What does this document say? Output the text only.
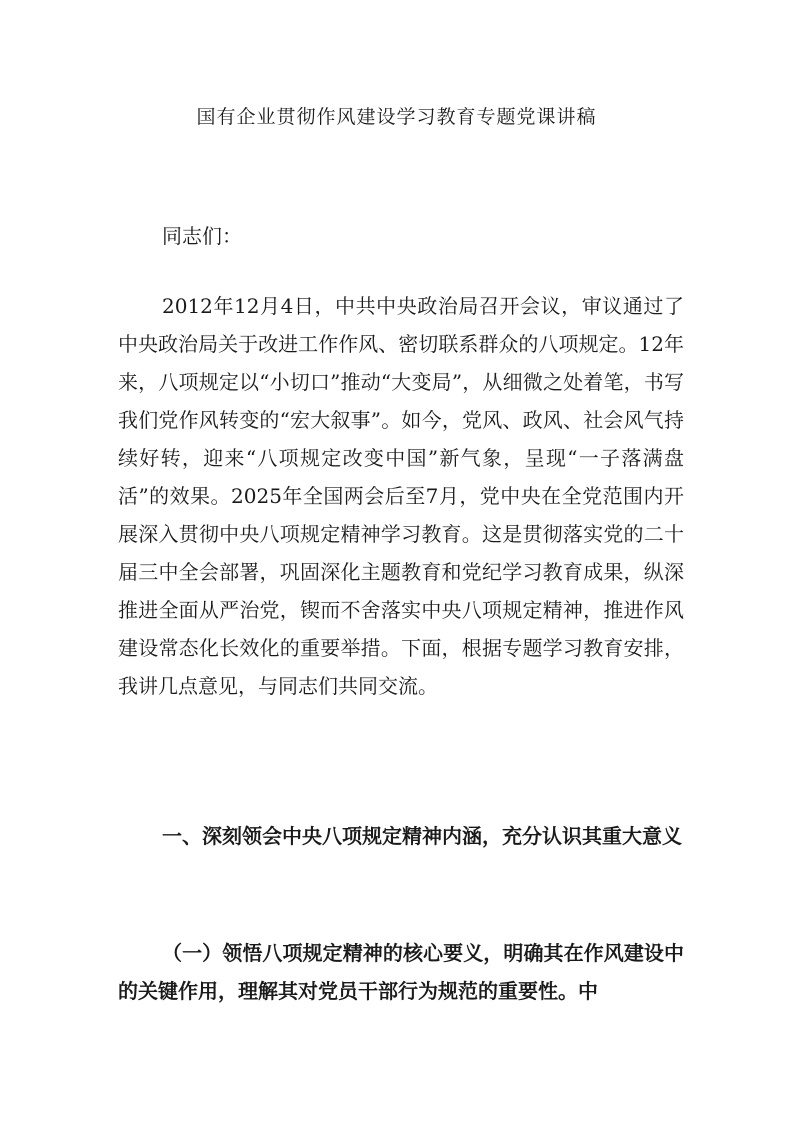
国有企业贯彻作风建设学习教育专题党课讲稿

同志们：

2012年12月4日，中共中央政治局召开会议，审议通过了中央政治局关于改进工作作风、密切联系群众的八项规定。12年来，八项规定以“小切口”推动“大变局”，从细微之处着笔，书写我们党作风转变的“宏大叙事”。如今，党风、政风、社会风气持续好转，迎来“八项规定改变中国”新气象，呈现“一子落满盘活”的效果。2025年全国两会后至7月，党中央在全党范围内开展深入贯彻中央八项规定精神学习教育。这是贯彻落实党的二十届三中全会部署，巩固深化主题教育和党纪学习教育成果，纵深推进全面从严治党，锲而不舍落实中央八项规定精神，推进作风建设常态化长效化的重要举措。下面，根据专题学习教育安排，我讲几点意见，与同志们共同交流。

一、深刻领会中央八项规定精神内涵，充分认识其重大意义

（一）领悟八项规定精神的核心要义，明确其在作风建设中的关键作用，理解其对党员干部行为规范的重要性。中
